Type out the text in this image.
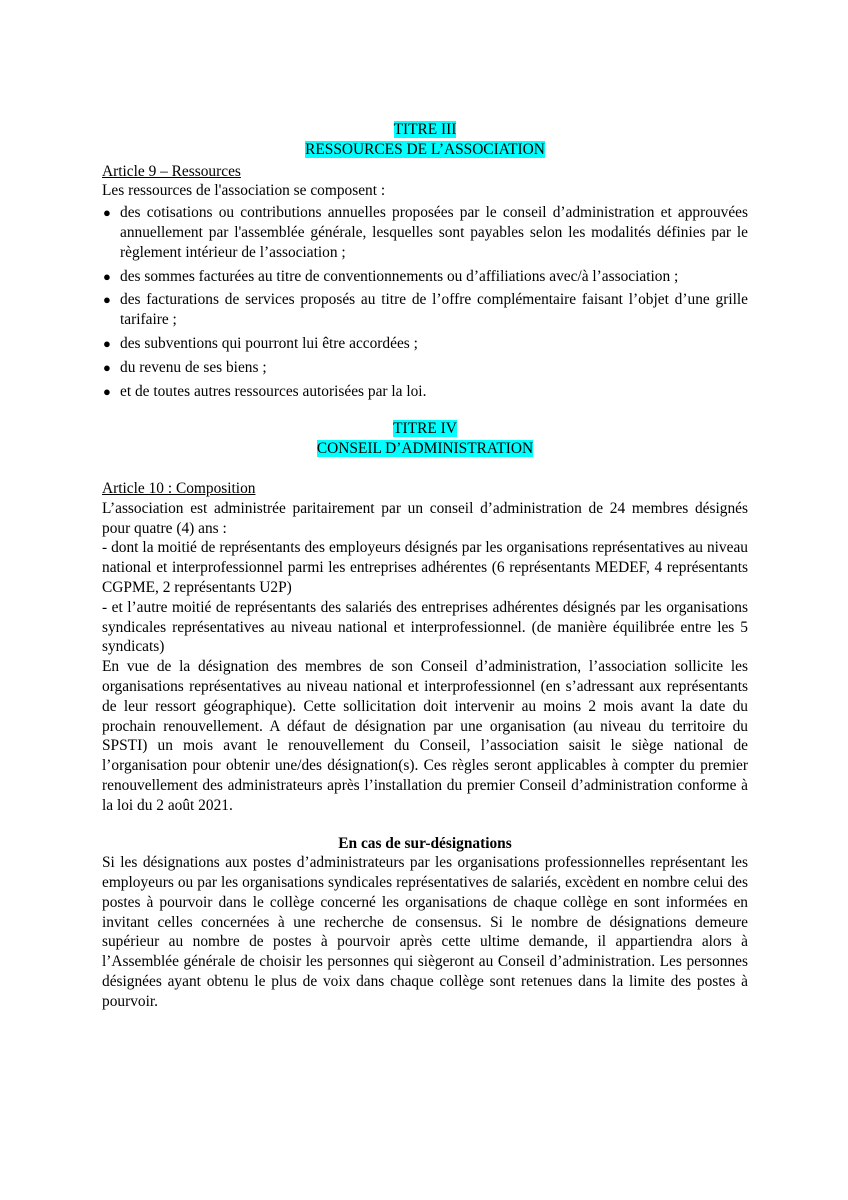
TITRE III
RESSOURCES DE L’ASSOCIATION
Article 9 – Ressources

Les ressources de l'association se composent :

● des cotisations ou contributions annuelles proposées par le conseil d’administration et approuvées annuellement par l'assemblée générale, lesquelles sont payables selon les modalités définies par le règlement intérieur de l’association ;
● des sommes facturées au titre de conventionnements ou d’affiliations avec/à l’association ;
● des facturations de services proposés au titre de l’offre complémentaire faisant l’objet d’une grille tarifaire ;
● des subventions qui pourront lui être accordées ;
● du revenu de ses biens ;
● et de toutes autres ressources autorisées par la loi.
TITRE IV
CONSEIL D’ADMINISTRATION
Article 10 : Composition

L’association est administrée paritairement par un conseil d’administration de 24 membres désignés pour quatre (4) ans :

- dont la moitié de représentants des employeurs désignés par les organisations représentatives au niveau national et interprofessionnel parmi les entreprises adhérentes (6 représentants MEDEF, 4 représentants CGPME, 2 représentants U2P)

- et l’autre moitié de représentants des salariés des entreprises adhérentes désignés par les organisations syndicales représentatives au niveau national et interprofessionnel. (de manière équilibrée entre les 5 syndicats)

En vue de la désignation des membres de son Conseil d’administration, l’association sollicite les organisations représentatives au niveau national et interprofessionnel (en s’adressant aux représentants de leur ressort géographique). Cette sollicitation doit intervenir au moins 2 mois avant la date du prochain renouvellement. A défaut de désignation par une organisation (au niveau du territoire du SPSTI) un mois avant le renouvellement du Conseil, l’association saisit le siège national de l’organisation pour obtenir une/des désignation(s). Ces règles seront applicables à compter du premier renouvellement des administrateurs après l’installation du premier Conseil d’administration conforme à la loi du 2 août 2021.

En cas de sur-désignations

Si les désignations aux postes d’administrateurs par les organisations professionnelles représentant les employeurs ou par les organisations syndicales représentatives de salariés, excèdent en nombre celui des postes à pourvoir dans le collège concerné les organisations de chaque collège en sont informées en invitant celles concernées à une recherche de consensus. Si le nombre de désignations demeure supérieur au nombre de postes à pourvoir après cette ultime demande, il appartiendra alors à l’Assemblée générale de choisir les personnes qui siègeront au Conseil d’administration. Les personnes désignées ayant obtenu le plus de voix dans chaque collège sont retenues dans la limite des postes à pourvoir.
